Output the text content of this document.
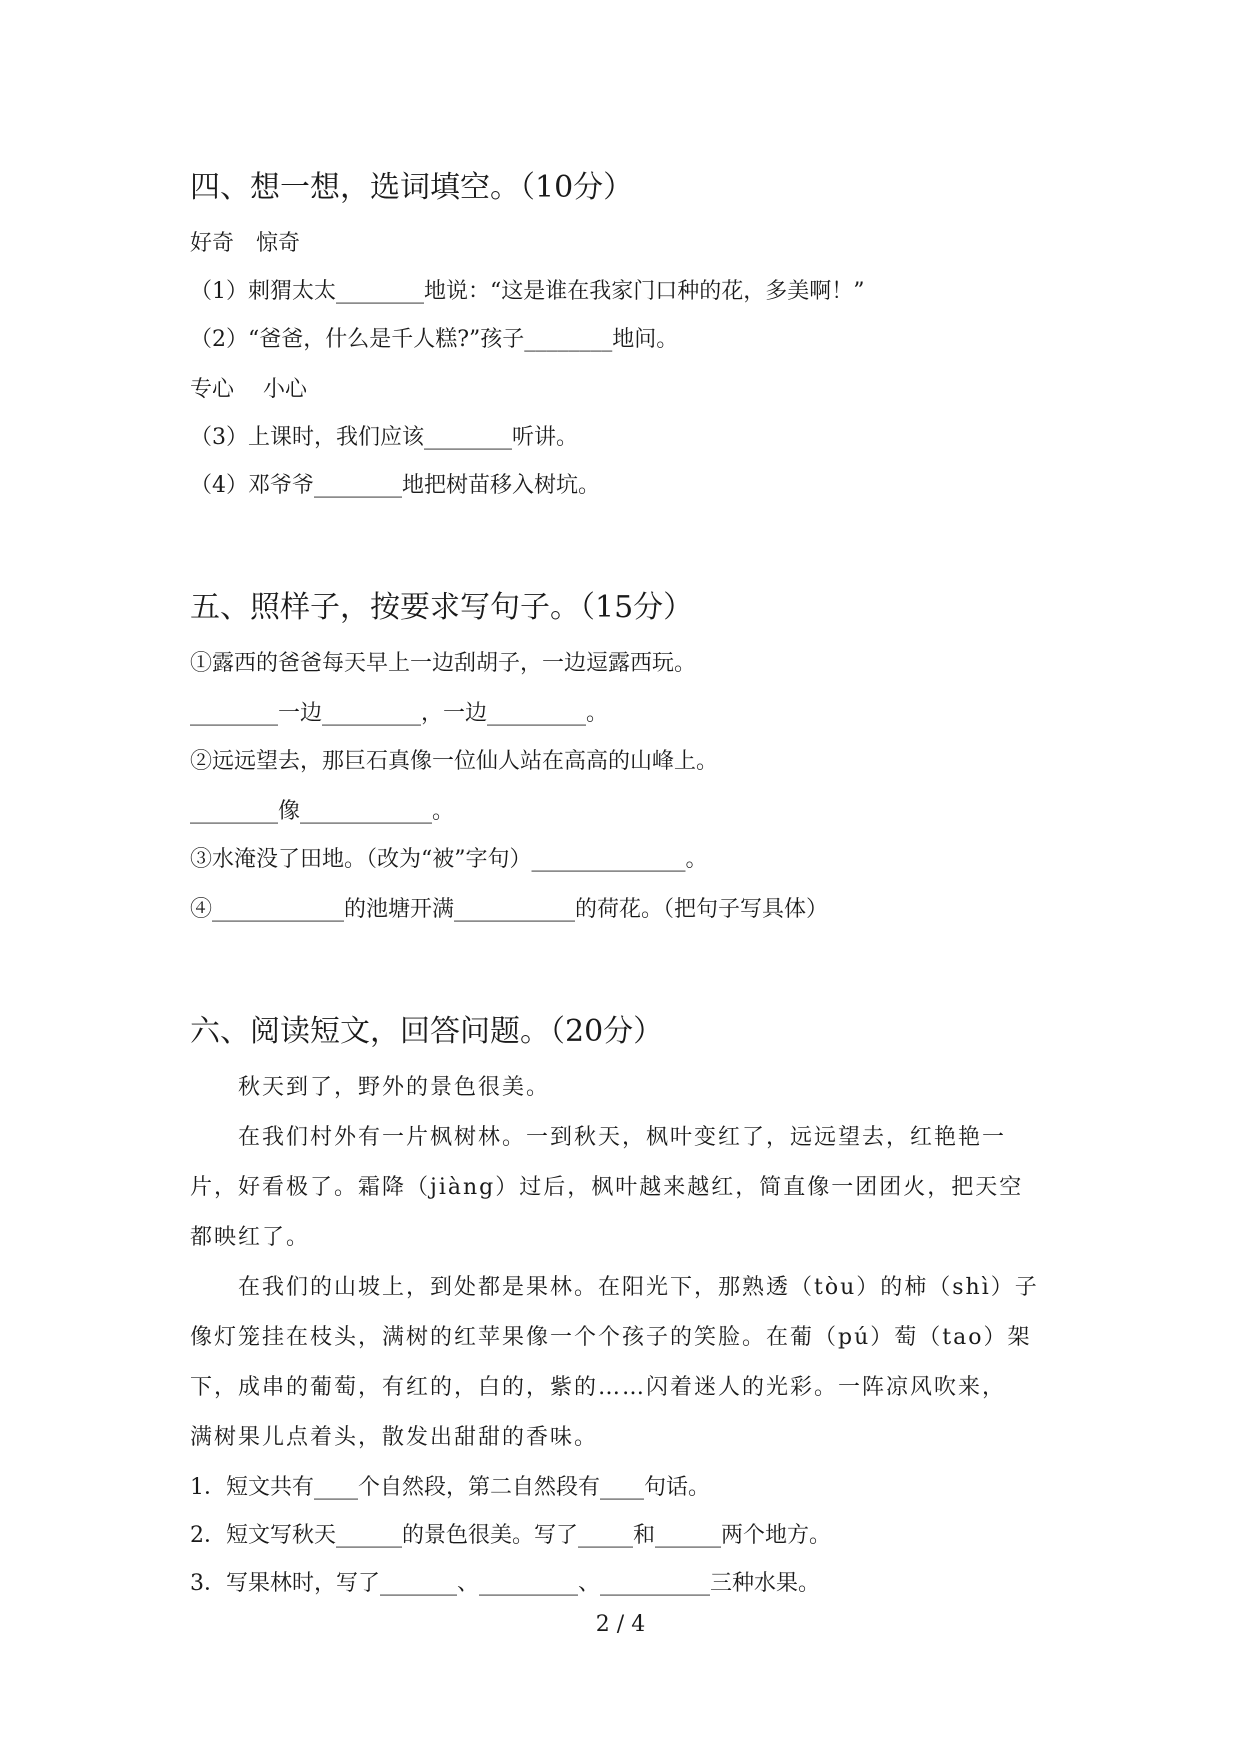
四、想一想，选词填空。（10分）
好奇　惊奇
（1）刺猬太太________地说：“这是谁在我家门口种的花，多美啊！”
（2）“爸爸，什么是千人糕?”孩子________地问。
专心　 小心
（3）上课时，我们应该________听讲。
（4）邓爷爷________地把树苗移入树坑。
五、照样子，按要求写句子。（15分）
①露西的爸爸每天早上一边刮胡子，一边逗露西玩。
________一边_________，一边_________。
②远远望去，那巨石真像一位仙人站在高高的山峰上。
________像____________。
③水淹没了田地。（改为“被”字句）______________。
④____________的池塘开满___________的荷花。（把句子写具体）
六、阅读短文，回答问题。（20分）
　　秋天到了，野外的景色很美。
　　在我们村外有一片枫树林。一到秋天，枫叶变红了，远远望去，红艳艳一
片，好看极了。霜降（jiàng）过后，枫叶越来越红，简直像一团团火，把天空
都映红了。
　　在我们的山坡上，到处都是果林。在阳光下，那熟透（tòu）的柿（shì）子
像灯笼挂在枝头，满树的红苹果像一个个孩子的笑脸。在葡（pú）萄（tao）架
下，成串的葡萄，有红的，白的，紫的……闪着迷人的光彩。一阵凉风吹来，
满树果儿点着头，散发出甜甜的香味。
1．短文共有____个自然段，第二自然段有____句话。
2．短文写秋天______的景色很美。写了_____和______两个地方。
3．写果林时，写了_______、_________、__________三种水果。
2 / 4
